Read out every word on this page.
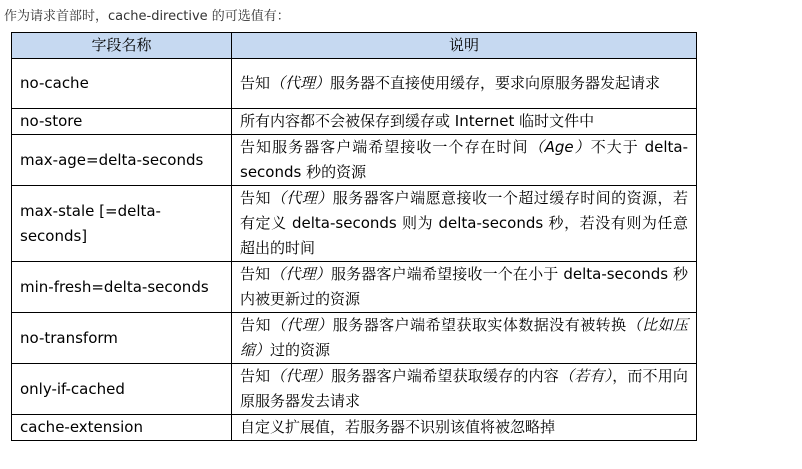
作为请求首部时，cache-directive 的可选值有：
字段名称	说明
no-cache	告知（代理）服务器不直接使用缓存，要求向原服务器发起请求
no-store	所有内容都不会被保存到缓存或 Internet 临时文件中
max-age=delta-seconds	告知服务器客户端希望接收一个存在时间（Age）不大于 delta-seconds 秒的资源
max-stale [=delta-seconds]	告知（代理）服务器客户端愿意接收一个超过缓存时间的资源，若有定义 delta-seconds 则为 delta-seconds 秒，若没有则为任意超出的时间
min-fresh=delta-seconds	告知（代理）服务器客户端希望接收一个在小于 delta-seconds 秒内被更新过的资源
no-transform	告知（代理）服务器客户端希望获取实体数据没有被转换（比如压缩）过的资源
only-if-cached	告知（代理）服务器客户端希望获取缓存的内容（若有），而不用向原服务器发去请求
cache-extension	自定义扩展值，若服务器不识别该值将被忽略掉
